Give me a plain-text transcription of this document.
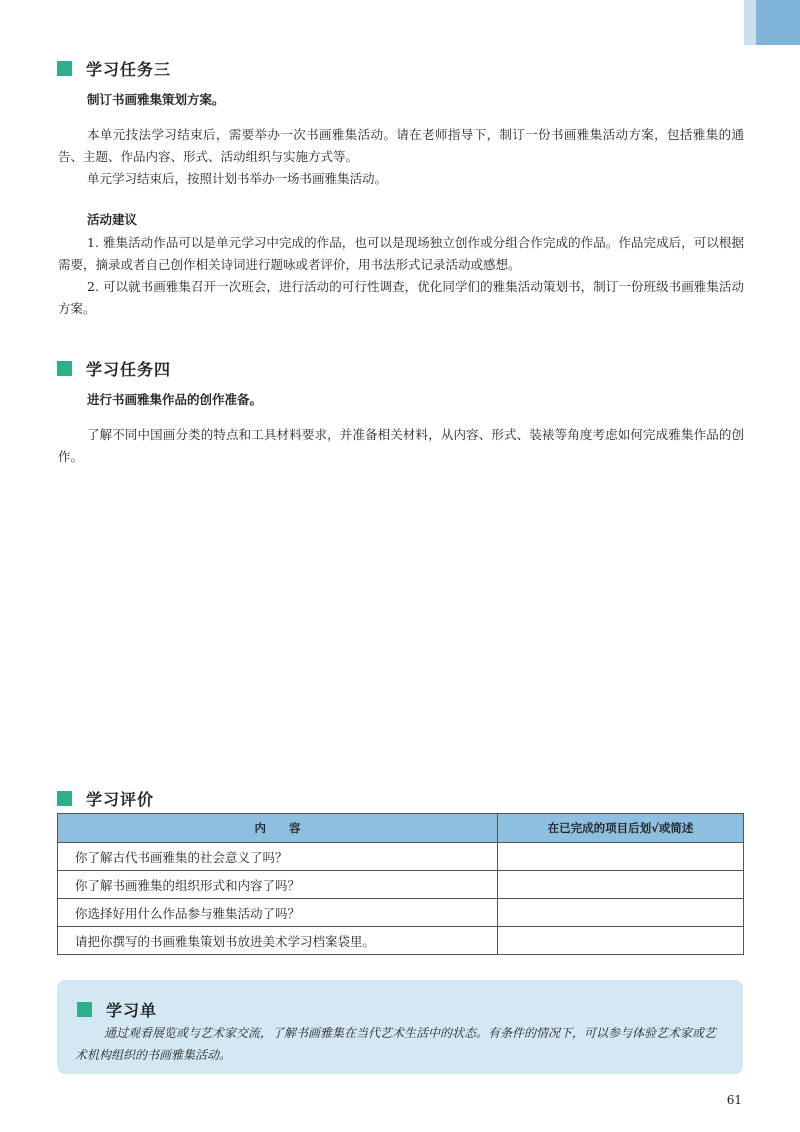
学习任务三
制订书画雅集策划方案。

本单元技法学习结束后，需要举办一次书画雅集活动。请在老师指导下，制订一份书画雅集活动方案，包括雅集的通告、主题、作品内容、形式、活动组织与实施方式等。

单元学习结束后，按照计划书举办一场书画雅集活动。

活动建议

1. 雅集活动作品可以是单元学习中完成的作品，也可以是现场独立创作或分组合作完成的作品。作品完成后，可以根据需要，摘录或者自己创作相关诗词进行题咏或者评价，用书法形式记录活动或感想。

2. 可以就书画雅集召开一次班会，进行活动的可行性调查，优化同学们的雅集活动策划书，制订一份班级书画雅集活动方案。

学习任务四
进行书画雅集作品的创作准备。

了解不同中国画分类的特点和工具材料要求，并准备相关材料，从内容、形式、装裱等角度考虑如何完成雅集作品的创作。

学习评价
内　　容	在已完成的项目后划√或简述
你了解古代书画雅集的社会意义了吗？	
你了解书画雅集的组织形式和内容了吗？	
你选择好用什么作品参与雅集活动了吗？	
请把你撰写的书画雅集策划书放进美术学习档案袋里。	
学习单

通过观看展览或与艺术家交流，了解书画雅集在当代艺术生活中的状态。有条件的情况下，可以参与体验艺术家或艺术机构组织的书画雅集活动。

61
